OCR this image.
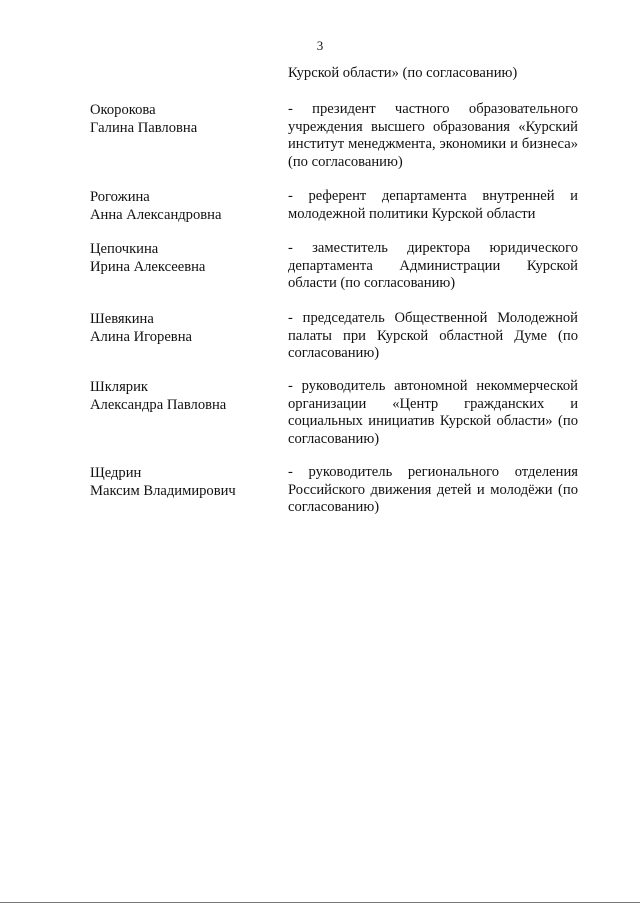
3
Курской области» (по согласованию)
Окорокова
Галина Павловна
- президент частного образовательного учреждения высшего образования «Курский институт менеджмента, экономики и бизнеса» (по согласованию)
Рогожина
Анна Александровна
- референт департамента внутренней и молодежной политики Курской области
Цепочкина
Ирина Алексеевна
- заместитель директора юридического департамента Администрации Курской области (по согласованию)
Шевякина
Алина Игоревна
- председатель Общественной Молодежной палаты при Курской областной Думе (по согласованию)
Шклярик
Александра Павловна
- руководитель автономной некоммерческой организации «Центр гражданских и социальных инициатив Курской области» (по согласованию)
Щедрин
Максим Владимирович
- руководитель регионального отделения Российского движения детей и молодёжи (по согласованию)
